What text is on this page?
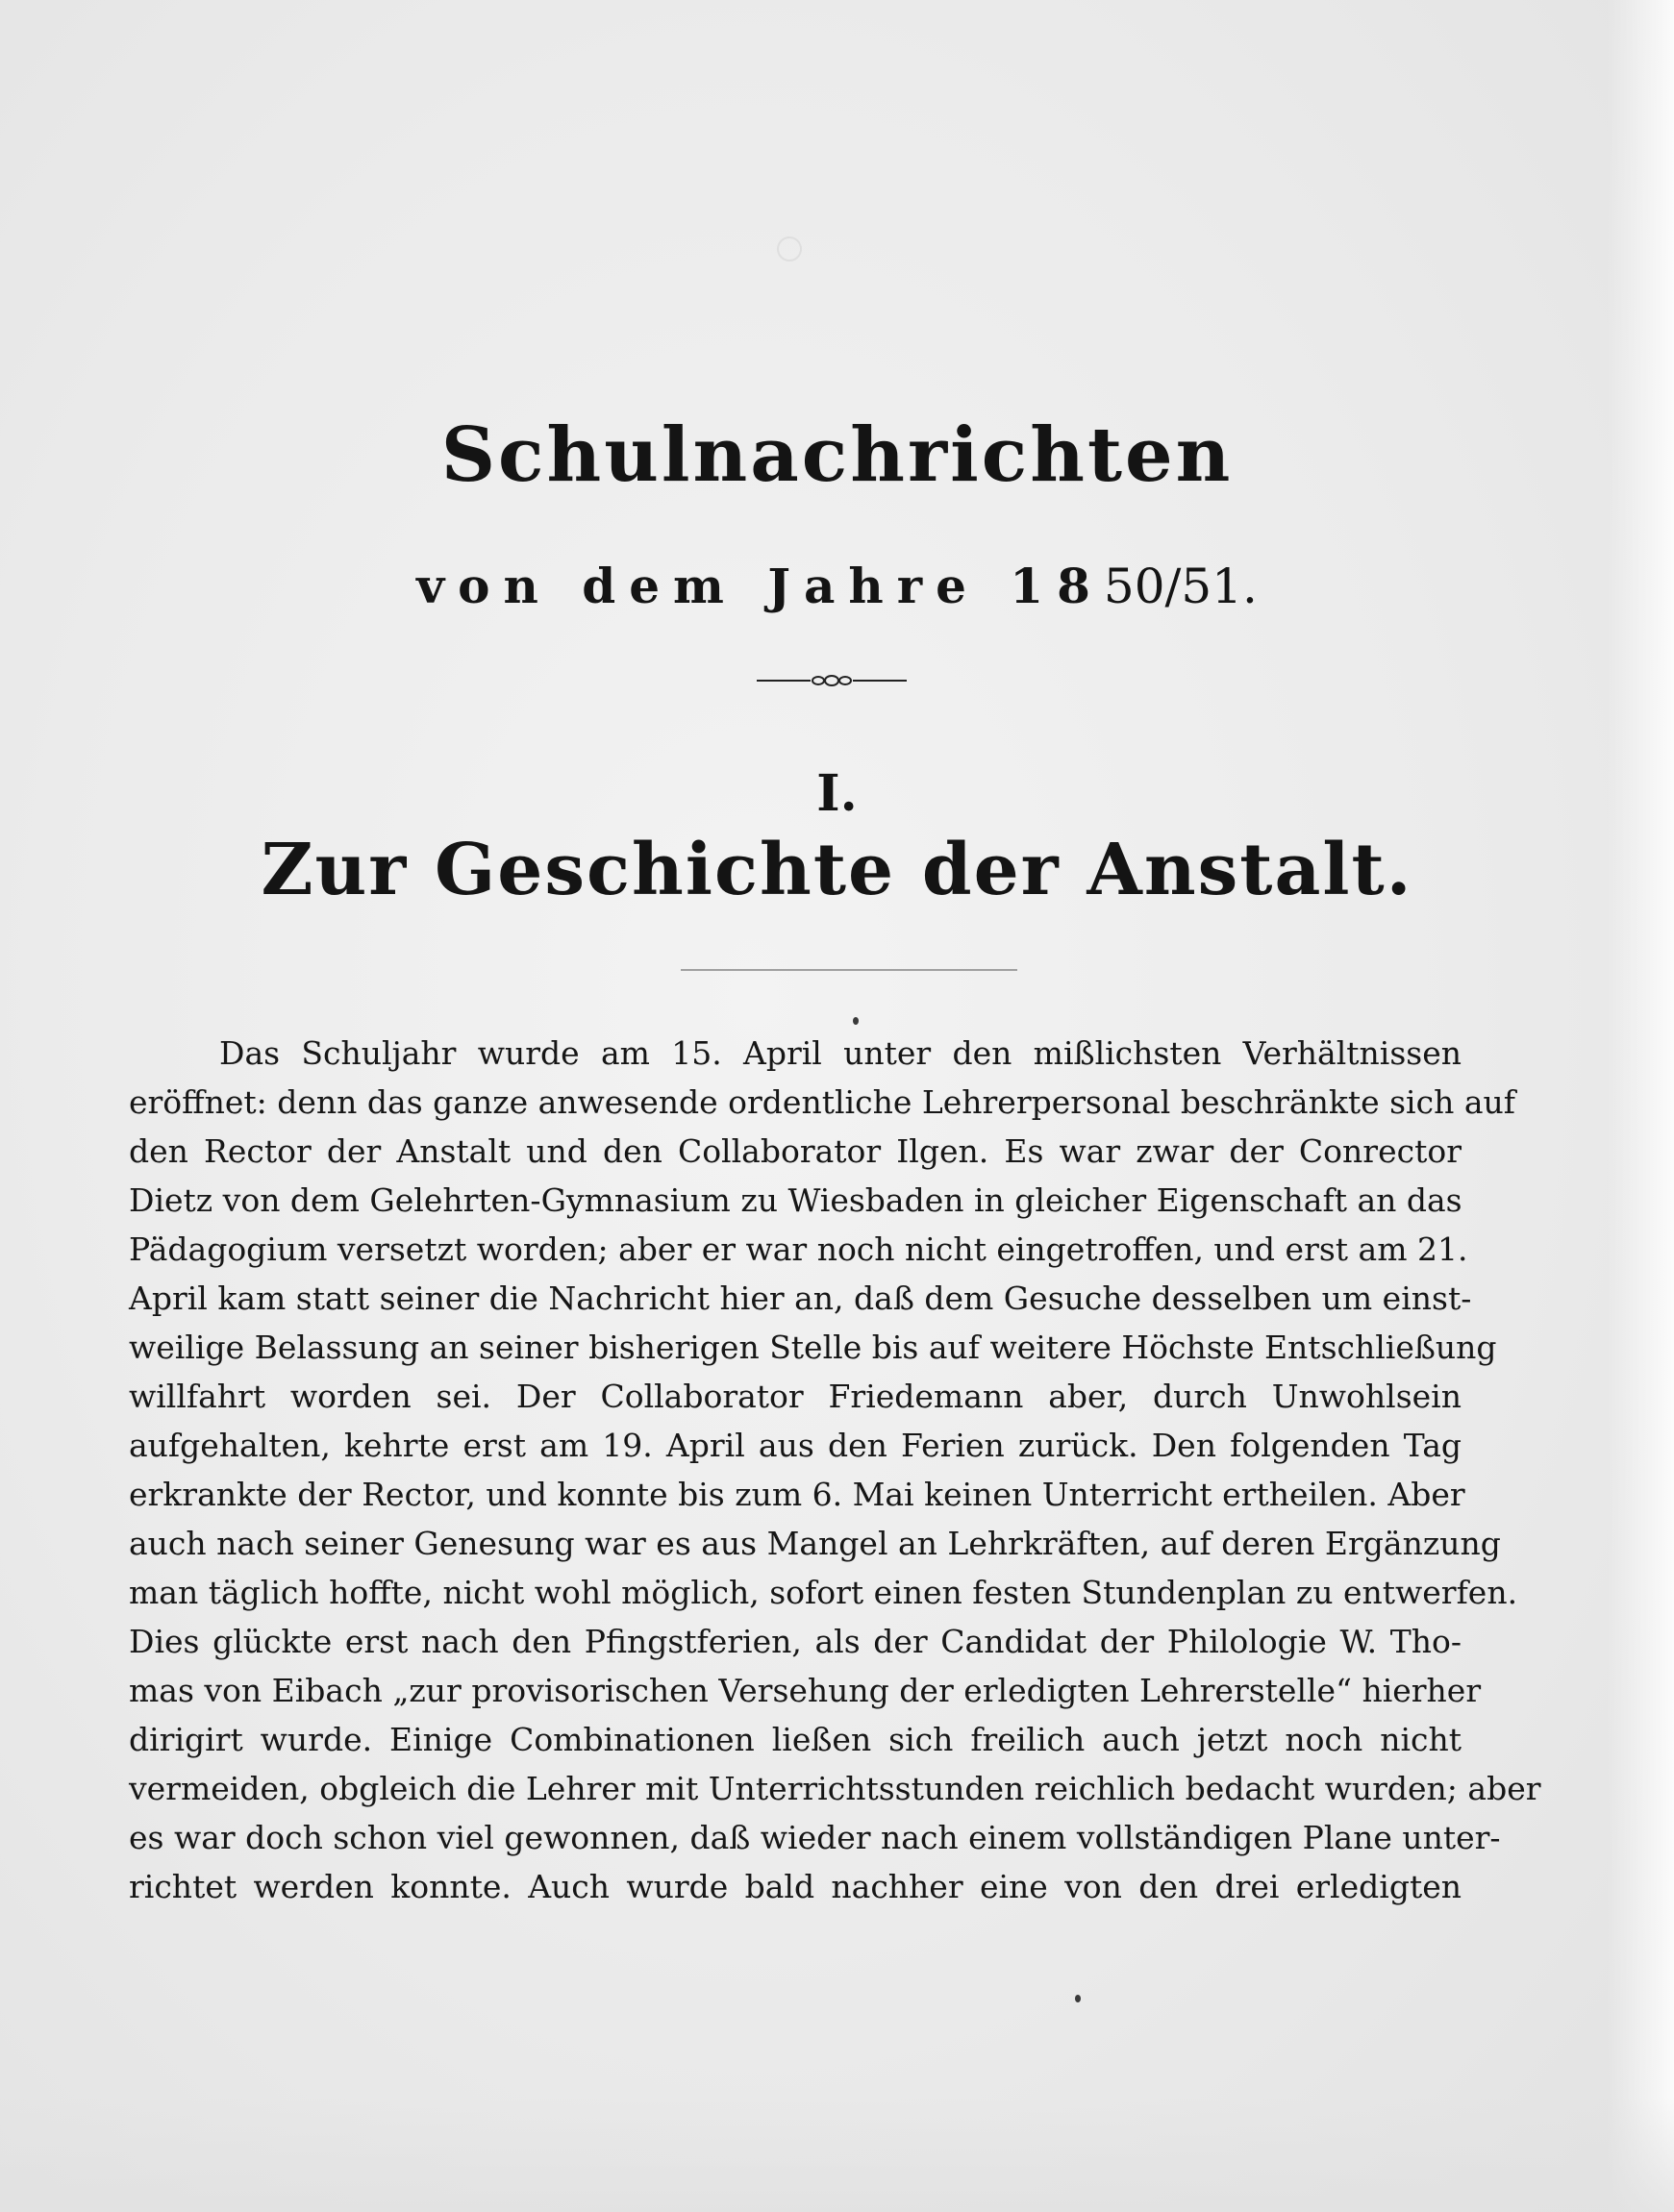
Schulnachrichten
von dem Jahre 1850/51.
I.
Zur Geschichte der Anstalt.
Das Schuljahr wurde am 15. April unter den mißlichsten Verhältnissen
eröffnet: denn das ganze anwesende ordentliche Lehrerpersonal beschränkte sich auf
den Rector der Anstalt und den Collaborator Ilgen. Es war zwar der Conrector
Dietz von dem Gelehrten-Gymnasium zu Wiesbaden in gleicher Eigenschaft an das
Pädagogium versetzt worden; aber er war noch nicht eingetroffen, und erst am 21.
April kam statt seiner die Nachricht hier an, daß dem Gesuche desselben um einst-
weilige Belassung an seiner bisherigen Stelle bis auf weitere Höchste Entschließung
willfahrt worden sei. Der Collaborator Friedemann aber, durch Unwohlsein
aufgehalten, kehrte erst am 19. April aus den Ferien zurück. Den folgenden Tag
erkrankte der Rector, und konnte bis zum 6. Mai keinen Unterricht ertheilen. Aber
auch nach seiner Genesung war es aus Mangel an Lehrkräften, auf deren Ergänzung
man täglich hoffte, nicht wohl möglich, sofort einen festen Stundenplan zu entwerfen.
Dies glückte erst nach den Pfingstferien, als der Candidat der Philologie W. Tho-
mas von Eibach „zur provisorischen Versehung der erledigten Lehrerstelle“ hierher
dirigirt wurde. Einige Combinationen ließen sich freilich auch jetzt noch nicht
vermeiden, obgleich die Lehrer mit Unterrichtsstunden reichlich bedacht wurden; aber
es war doch schon viel gewonnen, daß wieder nach einem vollständigen Plane unter-
richtet werden konnte. Auch wurde bald nachher eine von den drei erledigten
